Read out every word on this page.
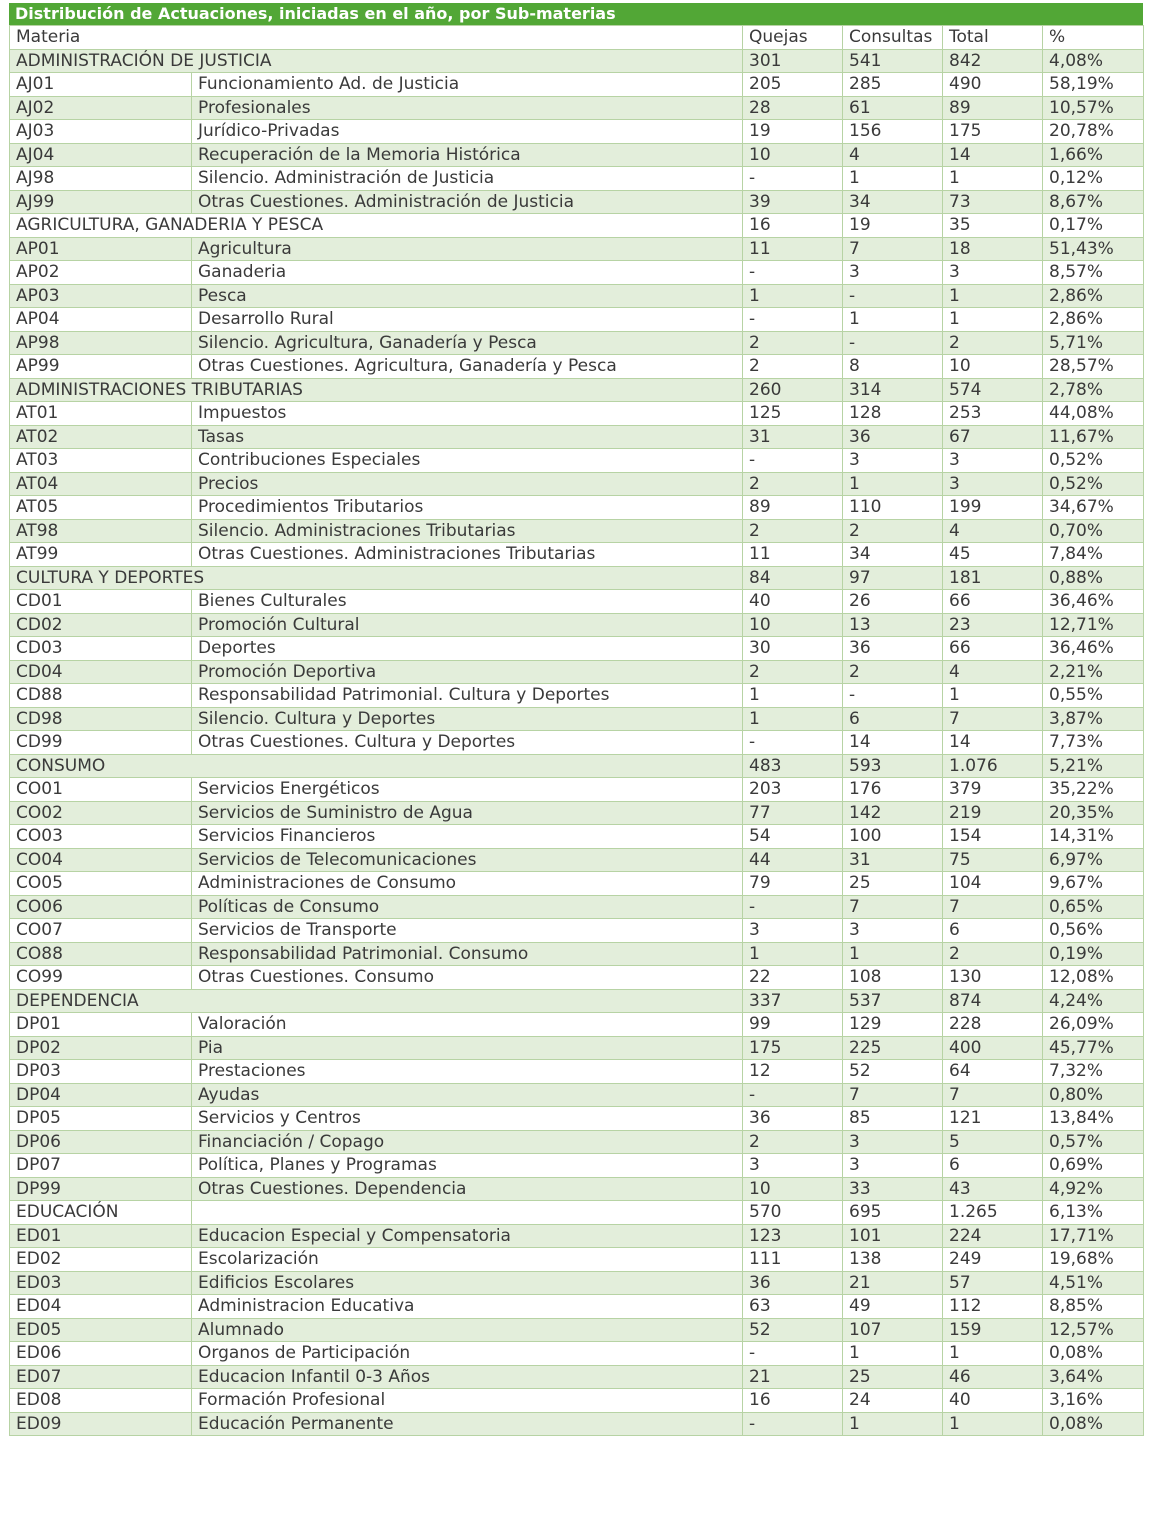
Distribución de Actuaciones, iniciadas en el año, por Sub-materias
Materia		Quejas	Consultas	Total	%
ADMINISTRACIÓN DE JUSTICIA		301	541	842	4,08%
AJ01	Funcionamiento Ad. de Justicia	205	285	490	58,19%
AJ02	Profesionales	28	61	89	10,57%
AJ03	Jurídico-Privadas	19	156	175	20,78%
AJ04	Recuperación de la Memoria Histórica	10	4	14	1,66%
AJ98	Silencio. Administración de Justicia	-	1	1	0,12%
AJ99	Otras Cuestiones. Administración de Justicia	39	34	73	8,67%
AGRICULTURA, GANADERIA Y PESCA		16	19	35	0,17%
AP01	Agricultura	11	7	18	51,43%
AP02	Ganaderia	-	3	3	8,57%
AP03	Pesca	1	-	1	2,86%
AP04	Desarrollo Rural	-	1	1	2,86%
AP98	Silencio. Agricultura, Ganadería y Pesca	2	-	2	5,71%
AP99	Otras Cuestiones. Agricultura, Ganadería y Pesca	2	8	10	28,57%
ADMINISTRACIONES TRIBUTARIAS		260	314	574	2,78%
AT01	Impuestos	125	128	253	44,08%
AT02	Tasas	31	36	67	11,67%
AT03	Contribuciones Especiales	-	3	3	0,52%
AT04	Precios	2	1	3	0,52%
AT05	Procedimientos Tributarios	89	110	199	34,67%
AT98	Silencio. Administraciones Tributarias	2	2	4	0,70%
AT99	Otras Cuestiones. Administraciones Tributarias	11	34	45	7,84%
CULTURA Y DEPORTES		84	97	181	0,88%
CD01	Bienes Culturales	40	26	66	36,46%
CD02	Promoción Cultural	10	13	23	12,71%
CD03	Deportes	30	36	66	36,46%
CD04	Promoción Deportiva	2	2	4	2,21%
CD88	Responsabilidad Patrimonial. Cultura y Deportes	1	-	1	0,55%
CD98	Silencio. Cultura y Deportes	1	6	7	3,87%
CD99	Otras Cuestiones. Cultura y Deportes	-	14	14	7,73%
CONSUMO		483	593	1.076	5,21%
CO01	Servicios Energéticos	203	176	379	35,22%
CO02	Servicios de Suministro de Agua	77	142	219	20,35%
CO03	Servicios Financieros	54	100	154	14,31%
CO04	Servicios de Telecomunicaciones	44	31	75	6,97%
CO05	Administraciones de Consumo	79	25	104	9,67%
CO06	Políticas de Consumo	-	7	7	0,65%
CO07	Servicios de Transporte	3	3	6	0,56%
CO88	Responsabilidad Patrimonial. Consumo	1	1	2	0,19%
CO99	Otras Cuestiones. Consumo	22	108	130	12,08%
DEPENDENCIA		337	537	874	4,24%
DP01	Valoración	99	129	228	26,09%
DP02	Pia	175	225	400	45,77%
DP03	Prestaciones	12	52	64	7,32%
DP04	Ayudas	-	7	7	0,80%
DP05	Servicios y Centros	36	85	121	13,84%
DP06	Financiación / Copago	2	3	5	0,57%
DP07	Política, Planes y Programas	3	3	6	0,69%
DP99	Otras Cuestiones. Dependencia	10	33	43	4,92%
EDUCACIÓN		570	695	1.265	6,13%
ED01	Educacion Especial y Compensatoria	123	101	224	17,71%
ED02	Escolarización	111	138	249	19,68%
ED03	Edificios Escolares	36	21	57	4,51%
ED04	Administracion Educativa	63	49	112	8,85%
ED05	Alumnado	52	107	159	12,57%
ED06	Organos de Participación	-	1	1	0,08%
ED07	Educacion Infantil 0-3 Años	21	25	46	3,64%
ED08	Formación Profesional	16	24	40	3,16%
ED09	Educación Permanente	-	1	1	0,08%
